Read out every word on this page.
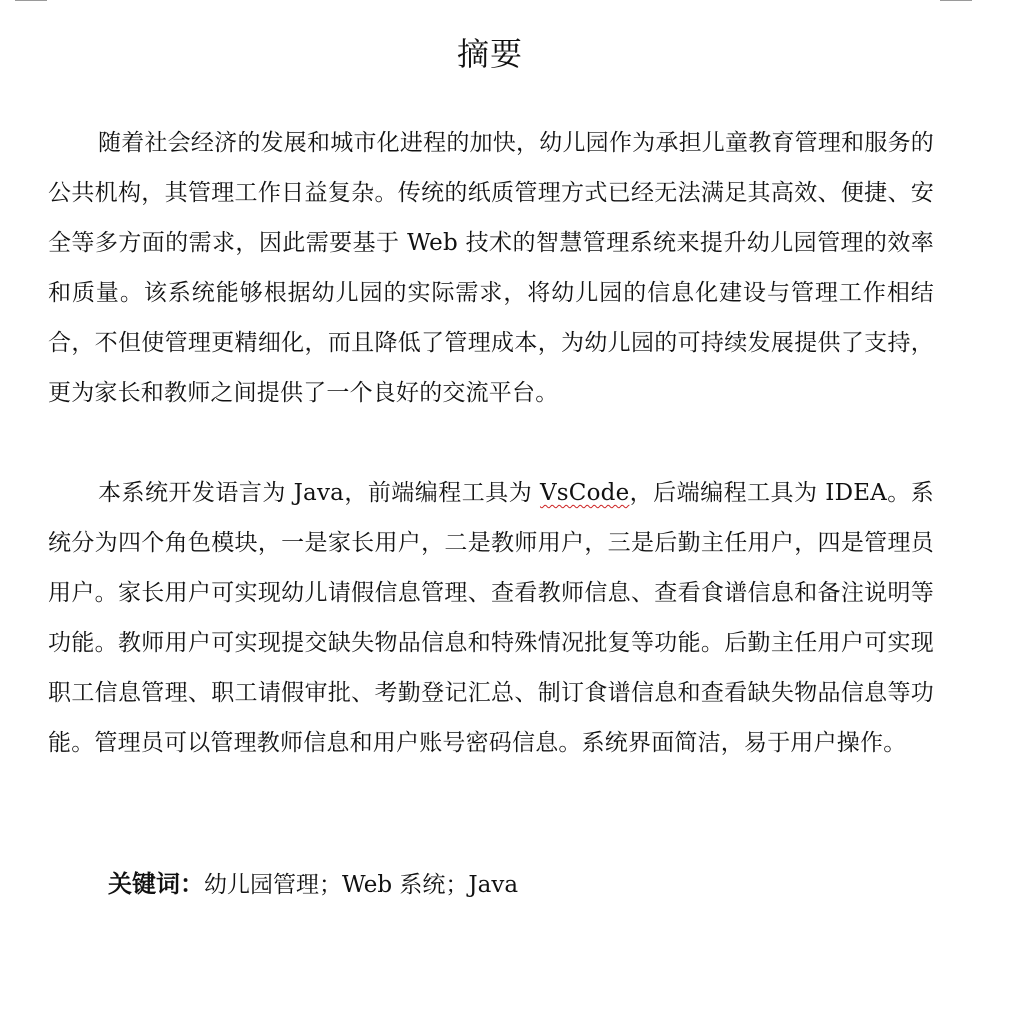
摘要

随着社会经济的发展和城市化进程的加快，幼儿园作为承担儿童教育管理和服务的公共机构，其管理工作日益复杂。传统的纸质管理方式已经无法满足其高效、便捷、安全等多方面的需求，因此需要基于 Web 技术的智慧管理系统来提升幼儿园管理的效率和质量。该系统能够根据幼儿园的实际需求，将幼儿园的信息化建设与管理工作相结合，不但使管理更精细化，而且降低了管理成本，为幼儿园的可持续发展提供了支持，更为家长和教师之间提供了一个良好的交流平台。

本系统开发语言为 Java，前端编程工具为 VsCode，后端编程工具为 IDEA。系统分为四个角色模块，一是家长用户，二是教师用户，三是后勤主任用户，四是管理员用户。家长用户可实现幼儿请假信息管理、查看教师信息、查看食谱信息和备注说明等功能。教师用户可实现提交缺失物品信息和特殊情况批复等功能。后勤主任用户可实现职工信息管理、职工请假审批、考勤登记汇总、制订食谱信息和查看缺失物品信息等功能。管理员可以管理教师信息和用户账号密码信息。系统界面简洁，易于用户操作。

关键词：幼儿园管理；Web 系统；Java
